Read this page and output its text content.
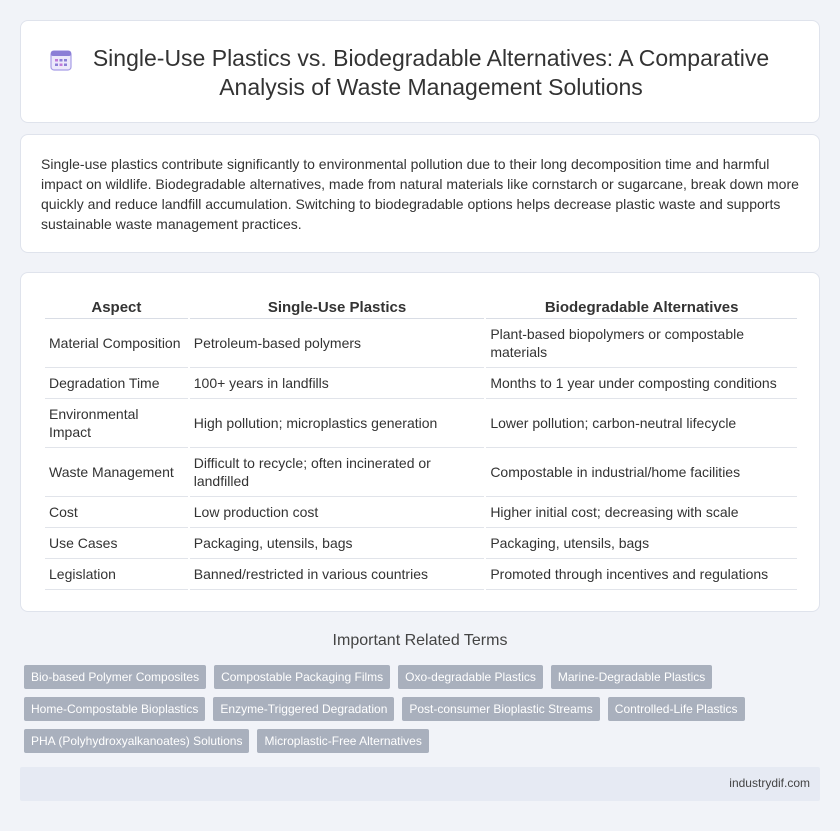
Single-Use Plastics vs. Biodegradable Alternatives: A Comparative Analysis of Waste Management Solutions

Single-use plastics contribute significantly to environmental pollution due to their long decomposition time and harmful impact on wildlife. Biodegradable alternatives, made from natural materials like cornstarch or sugarcane, break down more quickly and reduce landfill accumulation. Switching to biodegradable options helps decrease plastic waste and supports sustainable waste management practices.

Aspect	Single-Use Plastics	Biodegradable Alternatives
Material Composition	Petroleum-based polymers	Plant-based biopolymers or compostable materials
Degradation Time	100+ years in landfills	Months to 1 year under composting conditions
Environmental Impact	High pollution; microplastics generation	Lower pollution; carbon-neutral lifecycle
Waste Management	Difficult to recycle; often incinerated or landfilled	Compostable in industrial/home facilities
Cost	Low production cost	Higher initial cost; decreasing with scale
Use Cases	Packaging, utensils, bags	Packaging, utensils, bags
Legislation	Banned/restricted in various countries	Promoted through incentives and regulations
Important Related Terms
Bio-based Polymer Composites	Compostable Packaging Films	Oxo-degradable Plastics	Marine-Degradable Plastics
Home-Compostable Bioplastics	Enzyme-Triggered Degradation	Post-consumer Bioplastic Streams	Controlled-Life Plastics
PHA (Polyhydroxyalkanoates) Solutions	Microplastic-Free Alternatives
industrydif.com
